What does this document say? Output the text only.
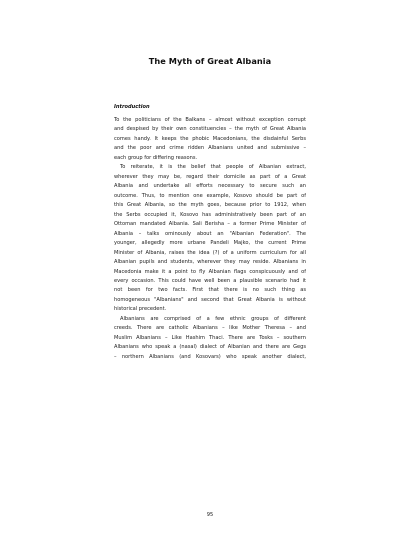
The Myth of Great Albania
Introduction
To the politicians of the Balkans – almost without exception corrupt
and despised by their own constituencies – the myth of Great Albania
comes handy. It keeps the phobic Macedonians, the disdainful Serbs
and the poor and crime ridden Albanians united and submissive –
each group for differing reasons.
To reiterate, it is the belief that people of Albanian extract,
wherever they may be, regard their domicile as part of a Great
Albania and undertake all efforts necessary to secure such an
outcome. Thus, to mention one example, Kosovo should be part of
this Great Albania, so the myth goes, because prior to 1912, when
the Serbs occupied it, Kosovo has administratively been part of an
Ottoman mandated Albania. Sali Berisha – a former Prime Minister of
Albania – talks ominously about an "Albanian Federation". The
younger, allegedly more urbane Pandeli Majko, the current Prime
Minister of Albania, raises the idea (?) of a uniform curriculum for all
Albanian pupils and students, wherever they may reside. Albanians in
Macedonia make it a point to fly Albanian flags conspicuously and of
every occasion. This could have well been a plausible scenario had it
not been for two facts. First that there is no such thing as
homogeneous "Albanians" and second that Great Albania is without
historical precedent.
Albanians are comprised of a few ethnic groups of different
creeds. There are catholic Albanians – like Mother Theresa – and
Muslim Albanians – Like Hashim Thaci. There are Tosks – southern
Albanians who speak a (nasal) dialect of Albanian and there are Gegs
– northern Albanians (and Kosovars) who speak another dialect,
95
